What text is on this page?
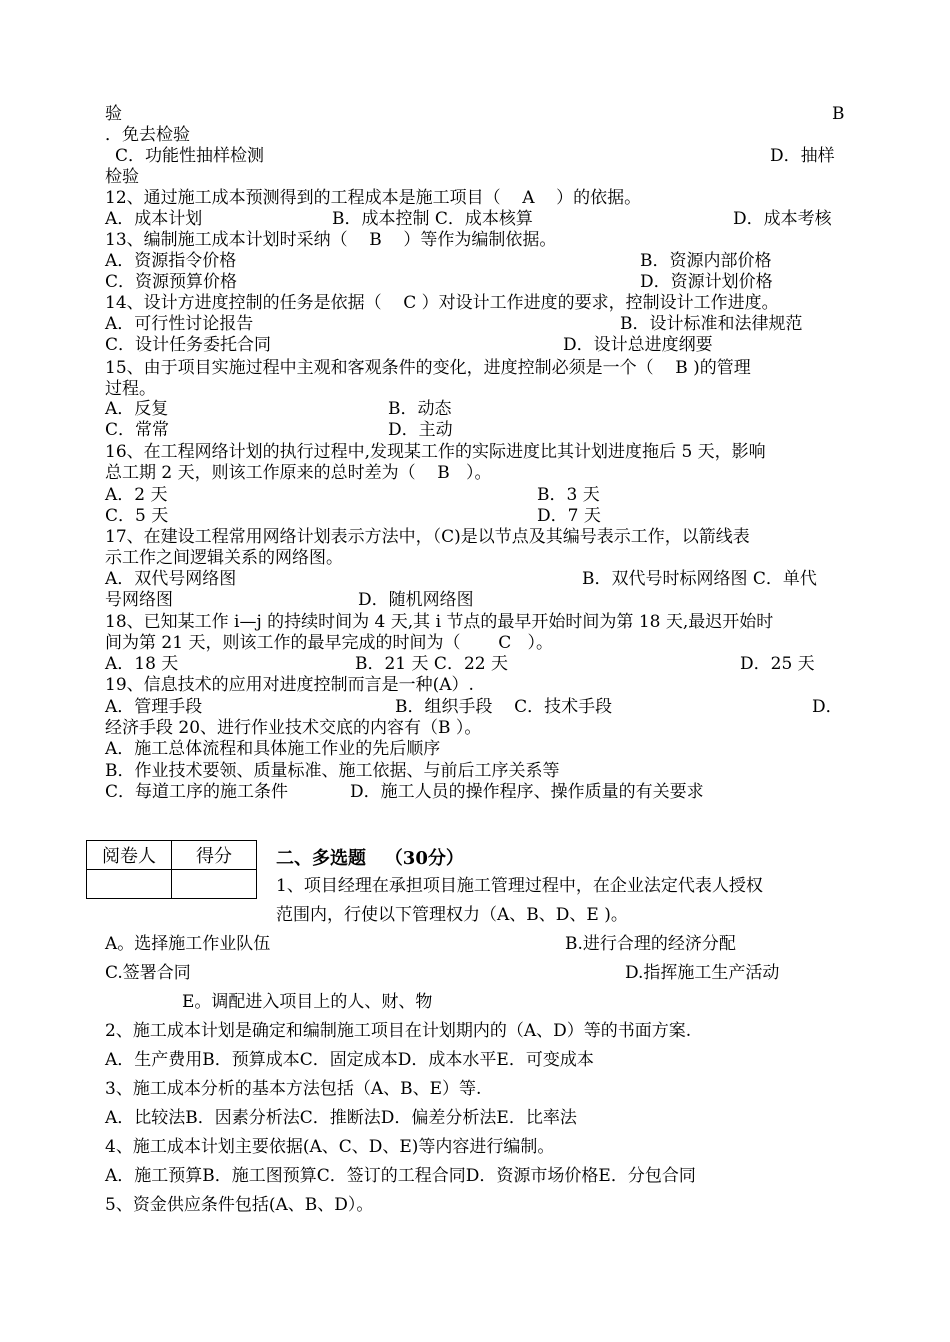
验	B
．免去检验
C．功能性抽样检测	D．抽样
检验
12、通过施工成本预测得到的工程成本是施工项目（    A    ）的依据。
A．成本计划	B．成本控制 C．成本核算	D．成本考核
13、编制施工成本计划时采纳（    B    ）等作为编制依据。
A．资源指令价格	B．资源内部价格
C．资源预算价格	D．资源计划价格
14、设计方进度控制的任务是依据（    C ）对设计工作进度的要求，控制设计工作进度。
A．可行性讨论报告	B．设计标准和法律规范
C．设计任务委托合同	D．设计总进度纲要
15、由于项目实施过程中主观和客观条件的变化，进度控制必须是一个（    B )的管理
过程。
A．反复	B．动态
C．常常	D．主动
16、在工程网络计划的执行过程中,发现某工作的实际进度比其计划进度拖后 5 天，影响
总工期 2 天，则该工作原来的总时差为（    B   ）。
A．2 天	B．3 天
C．5 天	D．7 天
17、在建设工程常用网络计划表示方法中，（C)是以节点及其编号表示工作，以箭线表
示工作之间逻辑关系的网络图。
A．双代号网络图	B．双代号时标网络图 C．单代
号网络图	D．随机网络图
18、已知某工作 i—j 的持续时间为 4 天,其 i 节点的最早开始时间为第 18 天,最迟开始时
间为第 21 天，则该工作的最早完成的时间为（       C   ）。
A．18 天	B．21 天 C．22 天	D．25 天
19、信息技术的应用对进度控制而言是一种(A）.
A．管理手段	B．组织手段    C．技术手段	D．
经济手段 20、进行作业技术交底的内容有（B ）。
A．施工总体流程和具体施工作业的先后顺序
B．作业技术要领、质量标准、施工依据、与前后工序关系等
C．每道工序的施工条件	D．施工人员的操作程序、操作质量的有关要求
阅卷人	得分
	二、多选题   （30分）
1、项目经理在承担项目施工管理过程中，在企业法定代表人授权
范围内，行使以下管理权力（A、B、D、E )。
A。选择施工作业队伍	B.进行合理的经济分配
C.签署合同	D.指挥施工生产活动
E。调配进入项目上的人、财、物
2、施工成本计划是确定和编制施工项目在计划期内的（A、D）等的书面方案.
A．生产费用B．预算成本C．固定成本D．成本水平E．可变成本
3、施工成本分析的基本方法包括（A、B、E）等.
A．比较法B．因素分析法C．推断法D．偏差分析法E．比率法
4、施工成本计划主要依据(A、C、D、E)等内容进行编制。
A．施工预算B．施工图预算C．签订的工程合同D．资源市场价格E．分包合同
5、资金供应条件包括(A、B、D）。
